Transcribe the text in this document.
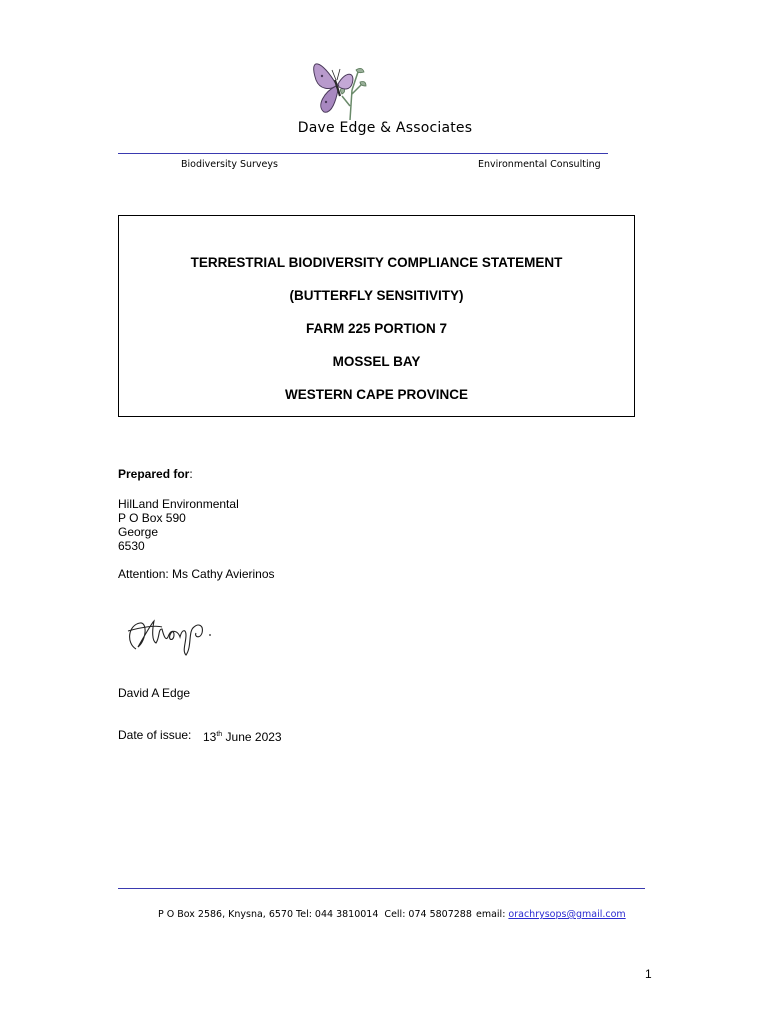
Dave Edge & Associates
Biodiversity Surveys	Environmental Consulting
TERRESTRIAL BIODIVERSITY COMPLIANCE STATEMENT
(BUTTERFLY SENSITIVITY)
FARM 225 PORTION 7
MOSSEL BAY
WESTERN CAPE PROVINCE
Prepared for:
HilLand Environmental
P O Box 590
George
6530
Attention: Ms Cathy Avierinos
David A Edge
Date of issue: 13th June 2023
P O Box 2586, Knysna, 6570 Tel: 044 3810014  Cell: 074 5807288 email: orachrysops@gmail.com
1
